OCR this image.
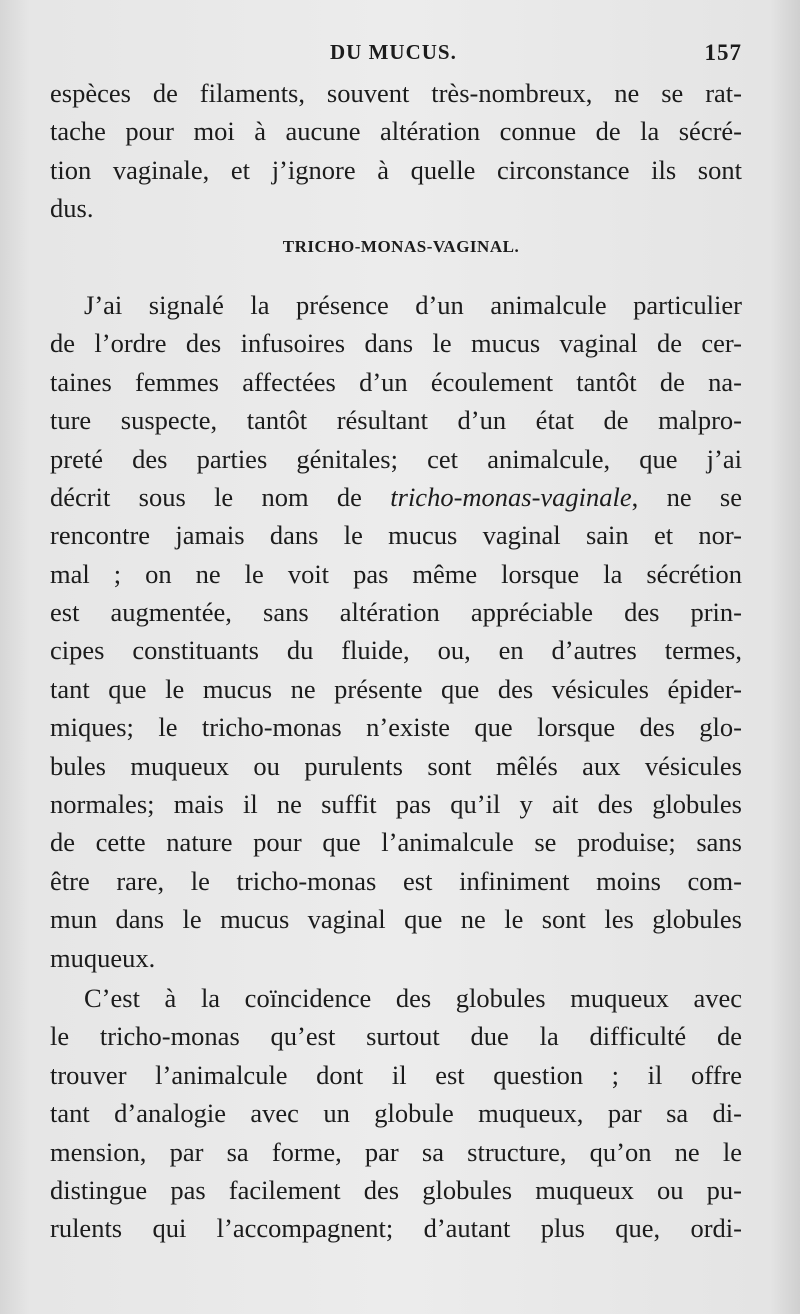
DU MUCUS.	157
espèces de filaments, souvent très-nombreux, ne se rat-
tache pour moi à aucune altération connue de la sécré-
tion vaginale, et j’ignore à quelle circonstance ils sont
dus.
TRICHO-MONAS-VAGINAL.
J’ai signalé la présence d’un animalcule particulier
de l’ordre des infusoires dans le mucus vaginal de cer-
taines femmes affectées d’un écoulement tantôt de na-
ture suspecte, tantôt résultant d’un état de malpro-
preté des parties génitales; cet animalcule, que j’ai
décrit sous le nom de tricho-monas-vaginale, ne se
rencontre jamais dans le mucus vaginal sain et nor-
mal ; on ne le voit pas même lorsque la sécrétion
est augmentée, sans altération appréciable des prin-
cipes constituants du fluide, ou, en d’autres termes,
tant que le mucus ne présente que des vésicules épider-
miques; le tricho-monas n’existe que lorsque des glo-
bules muqueux ou purulents sont mêlés aux vésicules
normales; mais il ne suffit pas qu’il y ait des globules
de cette nature pour que l’animalcule se produise; sans
être rare, le tricho-monas est infiniment moins com-
mun dans le mucus vaginal que ne le sont les globules
muqueux.
C’est à la coïncidence des globules muqueux avec
le tricho-monas qu’est surtout due la difficulté de
trouver l’animalcule dont il est question ; il offre
tant d’analogie avec un globule muqueux, par sa di-
mension, par sa forme, par sa structure, qu’on ne le
distingue pas facilement des globules muqueux ou pu-
rulents qui l’accompagnent; d’autant plus que, ordi-
